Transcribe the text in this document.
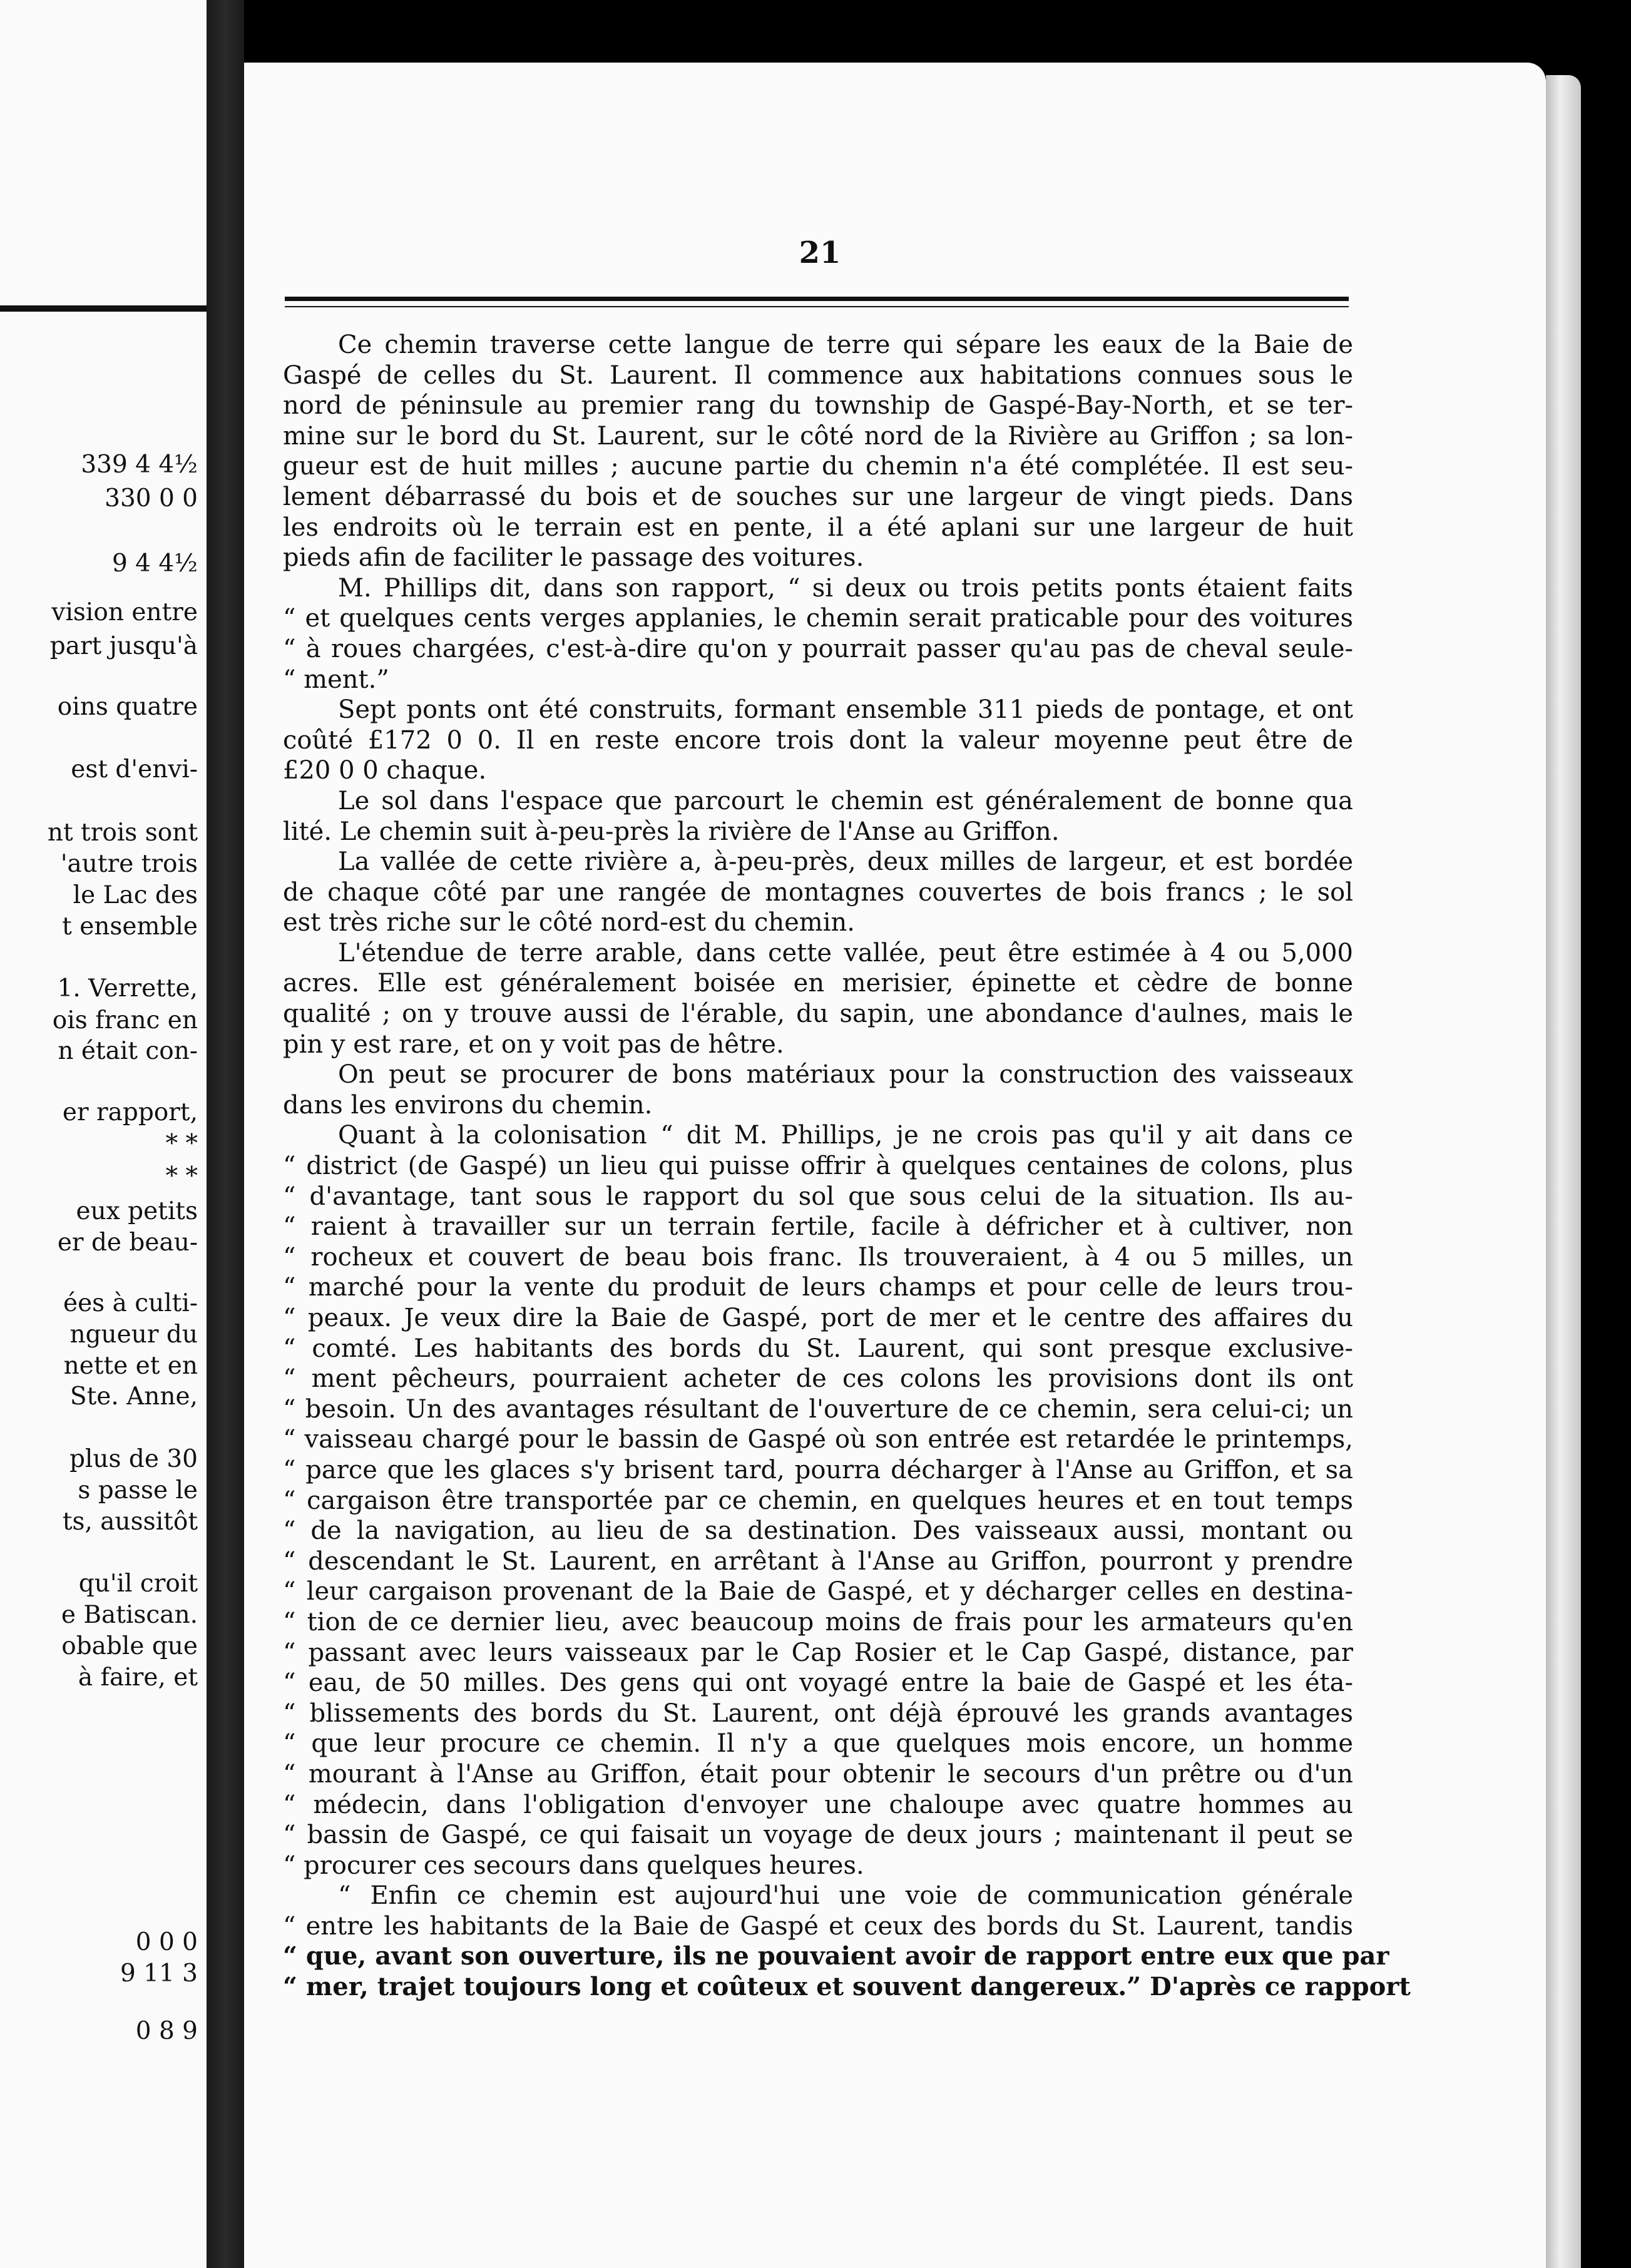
339 4 4½
330 0 0
9 4 4½
vision entre
part jusqu'à
oins quatre
est d'envi-
nt trois sont
'autre trois
le Lac des
t ensemble
1. Verrette,
ois franc en
n était con-
er rapport,
* *
* *
eux petits
er de beau-
ées à culti-
ngueur du
nette et en
Ste. Anne,
plus de 30
s passe le
ts, aussitôt
qu'il croit
e Batiscan.
obable que
à faire, et
0 0 0
9 11 3
0 8 9
21
Ce chemin traverse cette langue de terre qui sépare les eaux de la Baie de
Gaspé de celles du St. Laurent. Il commence aux habitations connues sous le
nord de péninsule au premier rang du township de Gaspé-Bay-North, et se ter-
mine sur le bord du St. Laurent, sur le côté nord de la Rivière au Griffon ; sa lon-
gueur est de huit milles ; aucune partie du chemin n'a été complétée. Il est seu-
lement débarrassé du bois et de souches sur une largeur de vingt pieds. Dans
les endroits où le terrain est en pente, il a été aplani sur une largeur de huit
pieds afin de faciliter le passage des voitures.
M. Phillips dit, dans son rapport, “ si deux ou trois petits ponts étaient faits
“ et quelques cents verges applanies, le chemin serait praticable pour des voitures
“ à roues chargées, c'est-à-dire qu'on y pourrait passer qu'au pas de cheval seule-
“ ment.”
Sept ponts ont été construits, formant ensemble 311 pieds de pontage, et ont
coûté £172 0 0. Il en reste encore trois dont la valeur moyenne peut être de
£20 0 0 chaque.
Le sol dans l'espace que parcourt le chemin est généralement de bonne qua
lité. Le chemin suit à-peu-près la rivière de l'Anse au Griffon.
La vallée de cette rivière a, à-peu-près, deux milles de largeur, et est bordée
de chaque côté par une rangée de montagnes couvertes de bois francs ; le sol
est très riche sur le côté nord-est du chemin.
L'étendue de terre arable, dans cette vallée, peut être estimée à 4 ou 5,000
acres. Elle est généralement boisée en merisier, épinette et cèdre de bonne
qualité ; on y trouve aussi de l'érable, du sapin, une abondance d'aulnes, mais le
pin y est rare, et on y voit pas de hêtre.
On peut se procurer de bons matériaux pour la construction des vaisseaux
dans les environs du chemin.
Quant à la colonisation “ dit M. Phillips, je ne crois pas qu'il y ait dans ce
“ district (de Gaspé) un lieu qui puisse offrir à quelques centaines de colons, plus
“ d'avantage, tant sous le rapport du sol que sous celui de la situation. Ils au-
“ raient à travailler sur un terrain fertile, facile à défricher et à cultiver, non
“ rocheux et couvert de beau bois franc. Ils trouveraient, à 4 ou 5 milles, un
“ marché pour la vente du produit de leurs champs et pour celle de leurs trou-
“ peaux. Je veux dire la Baie de Gaspé, port de mer et le centre des affaires du
“ comté. Les habitants des bords du St. Laurent, qui sont presque exclusive-
“ ment pêcheurs, pourraient acheter de ces colons les provisions dont ils ont
“ besoin. Un des avantages résultant de l'ouverture de ce chemin, sera celui-ci; un
“ vaisseau chargé pour le bassin de Gaspé où son entrée est retardée le printemps,
“ parce que les glaces s'y brisent tard, pourra décharger à l'Anse au Griffon, et sa
“ cargaison être transportée par ce chemin, en quelques heures et en tout temps
“ de la navigation, au lieu de sa destination. Des vaisseaux aussi, montant ou
“ descendant le St. Laurent, en arrêtant à l'Anse au Griffon, pourront y prendre
“ leur cargaison provenant de la Baie de Gaspé, et y décharger celles en destina-
“ tion de ce dernier lieu, avec beaucoup moins de frais pour les armateurs qu'en
“ passant avec leurs vaisseaux par le Cap Rosier et le Cap Gaspé, distance, par
“ eau, de 50 milles. Des gens qui ont voyagé entre la baie de Gaspé et les éta-
“ blissements des bords du St. Laurent, ont déjà éprouvé les grands avantages
“ que leur procure ce chemin. Il n'y a que quelques mois encore, un homme
“ mourant à l'Anse au Griffon, était pour obtenir le secours d'un prêtre ou d'un
“ médecin, dans l'obligation d'envoyer une chaloupe avec quatre hommes au
“ bassin de Gaspé, ce qui faisait un voyage de deux jours ; maintenant il peut se
“ procurer ces secours dans quelques heures.
“ Enfin ce chemin est aujourd'hui une voie de communication générale
“ entre les habitants de la Baie de Gaspé et ceux des bords du St. Laurent, tandis
“ que, avant son ouverture, ils ne pouvaient avoir de rapport entre eux que par
“ mer, trajet toujours long et coûteux et souvent dangereux.” D'après ce rapport
